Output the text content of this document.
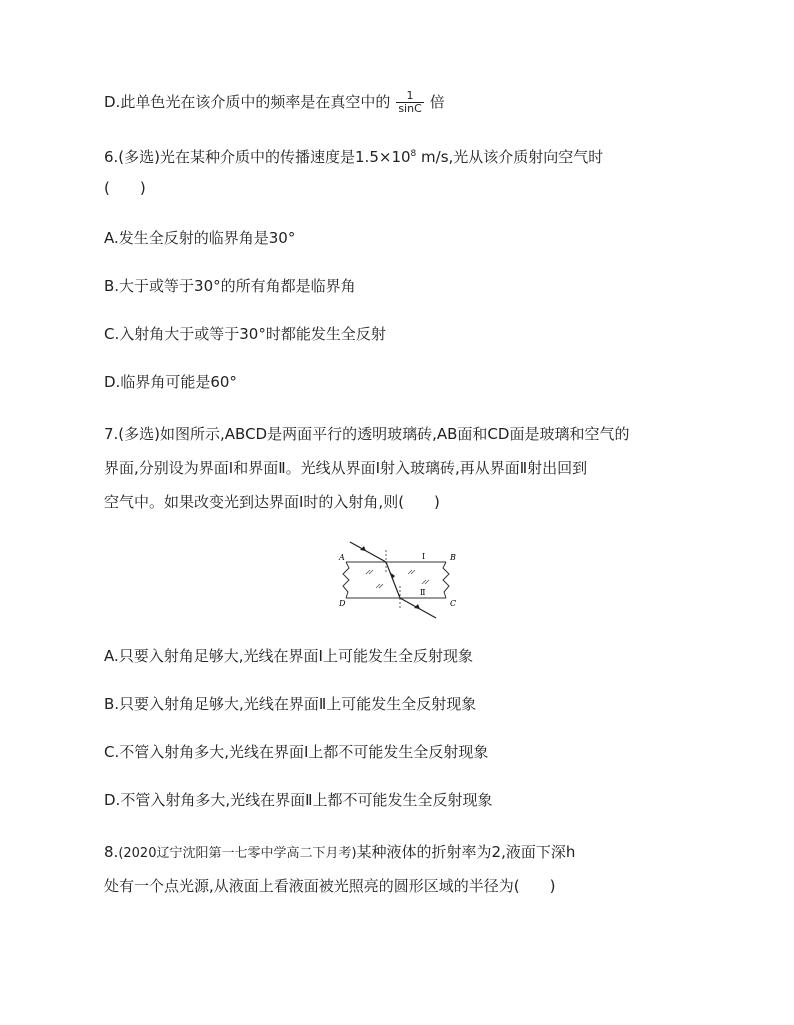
D.此单色光在该介质中的频率是在真空中的 $\frac{1}{\sin C}$ 倍
6.(多选)光在某种介质中的传播速度是$1.5\times 10^8$ m/s,光从该介质射向空气时
(　　)
A.发生全反射的临界角是30°
B.大于或等于30°的所有角都是临界角
C.入射角大于或等于30°时都能发生全反射
D.临界角可能是60°
7.(多选)如图所示,ABCD是两面平行的透明玻璃砖,AB面和CD面是玻璃和空气的
界面,分别设为界面Ⅰ和界面Ⅱ。光线从界面Ⅰ射入玻璃砖,再从界面Ⅱ射出回到
空气中。如果改变光到达界面Ⅰ时的入射角,则(　　)
A	B
C
D
Ⅰ
Ⅱ
A.只要入射角足够大,光线在界面Ⅰ上可能发生全反射现象
B.只要入射角足够大,光线在界面Ⅱ上可能发生全反射现象
C.不管入射角多大,光线在界面Ⅰ上都不可能发生全反射现象
D.不管入射角多大,光线在界面Ⅱ上都不可能发生全反射现象
8.(2020辽宁沈阳第一七零中学高二下月考)某种液体的折射率为2,液面下深h
处有一个点光源,从液面上看液面被光照亮的圆形区域的半径为(　　)
